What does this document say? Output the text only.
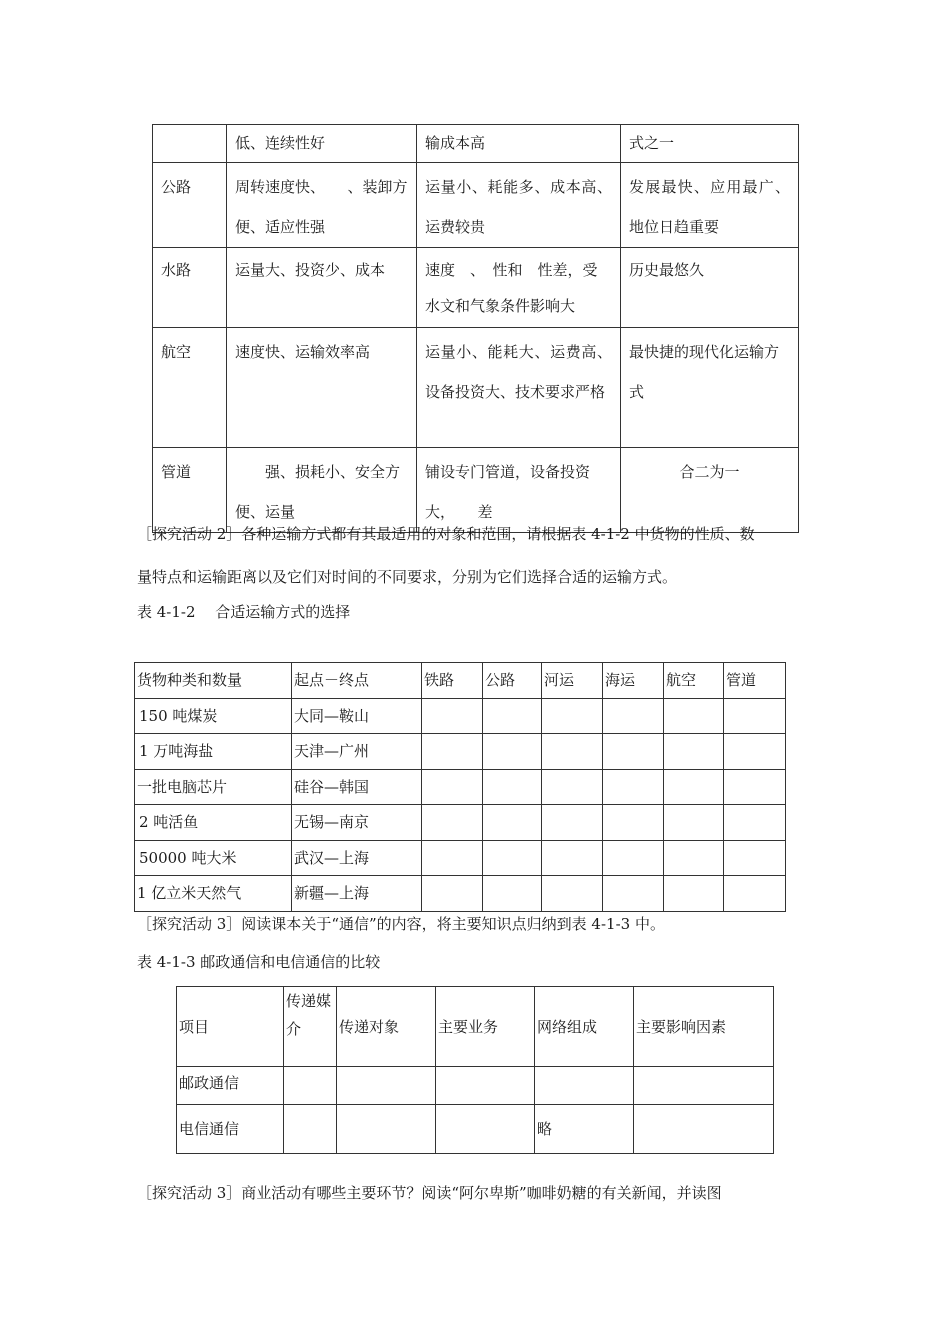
	低、连续性好	输成本高	式之一
公路	周转速度快、　　、装卸方便、适应性强	运量小、耗能多、成本高、运费较贵	发展最快、应用最广、地位日趋重要
水路	运量大、投资少、成本	速度　、　性和　性差，受水文和气象条件影响大	历史最悠久
航空	速度快、运输效率高	运量小、能耗大、运费高、设备投资大、技术要求严格	最快捷的现代化运输方式
管道	　　强、损耗小、安全方便、运量	铺设专门管道，设备投资大，　　差	合二为一
［探究活动 2］各种运输方式都有其最适用的对象和范围，请根据表 4-1-2 中货物的性质、数
量特点和运输距离以及它们对时间的不同要求，分别为它们选择合适的运输方式。
表 4-1-2　 合适运输方式的选择
货物种类和数量	起点－终点	铁路	公路	河运	海运	航空	管道
150 吨煤炭	大同—鞍山						
1 万吨海盐	天津—广州						
一批电脑芯片	硅谷—韩国						
2 吨活鱼	无锡—南京						
50000 吨大米	武汉—上海						
1 亿立米天然气	新疆—上海						
［探究活动 3］阅读课本关于“通信”的内容，将主要知识点归纳到表 4-1-3 中。
表 4-1-3 邮政通信和电信通信的比较
项目	传递媒介	传递对象	主要业务	网络组成	主要影响因素
邮政通信					
电信通信				略	
［探究活动 3］商业活动有哪些主要环节？阅读“阿尔卑斯”咖啡奶糖的有关新闻，并读图
